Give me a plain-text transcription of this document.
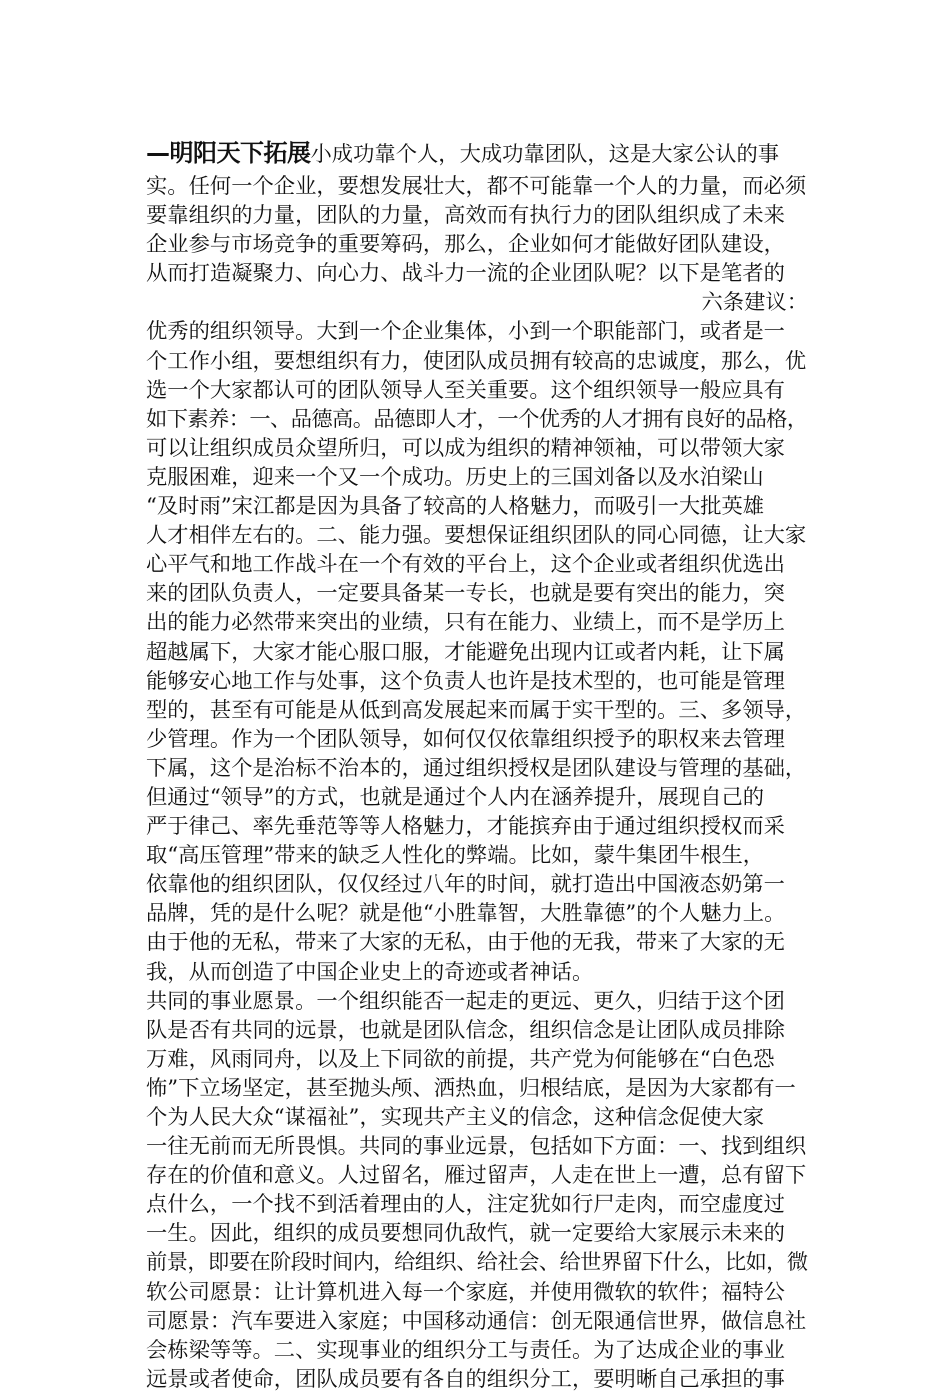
—明阳天下拓展小成功靠个人，大成功靠团队，这是大家公认的事
实。任何一个企业，要想发展壮大，都不可能靠一个人的力量，而必须
要靠组织的力量，团队的力量，高效而有执行力的团队组织成了未来
企业参与市场竞争的重要筹码，那么，企业如何才能做好团队建设，
从而打造凝聚力、向心力、战斗力一流的企业团队呢？以下是笔者的
六条建议：
优秀的组织领导。大到一个企业集体，小到一个职能部门，或者是一
个工作小组，要想组织有力，使团队成员拥有较高的忠诚度，那么，优
选一个大家都认可的团队领导人至关重要。这个组织领导一般应具有
如下素养：一、品德高。品德即人才，一个优秀的人才拥有良好的品格，
可以让组织成员众望所归，可以成为组织的精神领袖，可以带领大家
克服困难，迎来一个又一个成功。历史上的三国刘备以及水泊梁山
“及时雨”宋江都是因为具备了较高的人格魅力，而吸引一大批英雄
人才相伴左右的。二、能力强。要想保证组织团队的同心同德，让大家
心平气和地工作战斗在一个有效的平台上，这个企业或者组织优选出
来的团队负责人，一定要具备某一专长，也就是要有突出的能力，突
出的能力必然带来突出的业绩，只有在能力、业绩上，而不是学历上
超越属下，大家才能心服口服，才能避免出现内讧或者内耗，让下属
能够安心地工作与处事，这个负责人也许是技术型的，也可能是管理
型的，甚至有可能是从低到高发展起来而属于实干型的。三、多领导，
少管理。作为一个团队领导，如何仅仅依靠组织授予的职权来去管理
下属，这个是治标不治本的，通过组织授权是团队建设与管理的基础，
但通过“领导”的方式，也就是通过个人内在涵养提升，展现自己的
严于律己、率先垂范等等人格魅力，才能摈弃由于通过组织授权而采
取“高压管理”带来的缺乏人性化的弊端。比如，蒙牛集团牛根生，
依靠他的组织团队，仅仅经过八年的时间，就打造出中国液态奶第一
品牌，凭的是什么呢？就是他“小胜靠智，大胜靠德”的个人魅力上。
由于他的无私，带来了大家的无私，由于他的无我，带来了大家的无
我，从而创造了中国企业史上的奇迹或者神话。
共同的事业愿景。一个组织能否一起走的更远、更久，归结于这个团
队是否有共同的远景，也就是团队信念，组织信念是让团队成员排除
万难，风雨同舟，以及上下同欲的前提，共产党为何能够在“白色恐
怖”下立场坚定，甚至抛头颅、洒热血，归根结底，是因为大家都有一
个为人民大众“谋福祉”，实现共产主义的信念，这种信念促使大家
一往无前而无所畏惧。共同的事业远景，包括如下方面：一、找到组织
存在的价值和意义。人过留名，雁过留声，人走在世上一遭，总有留下
点什么，一个找不到活着理由的人，注定犹如行尸走肉，而空虚度过
一生。因此，组织的成员要想同仇敌忾，就一定要给大家展示未来的
前景，即要在阶段时间内，给组织、给社会、给世界留下什么，比如，微
软公司愿景：让计算机进入每一个家庭，并使用微软的软件；福特公
司愿景：汽车要进入家庭；中国移动通信：创无限通信世界，做信息社
会栋梁等等。二、实现事业的组织分工与责任。为了达成企业的事业
远景或者使命，团队成员要有各自的组织分工，要明晰自己承担的事
